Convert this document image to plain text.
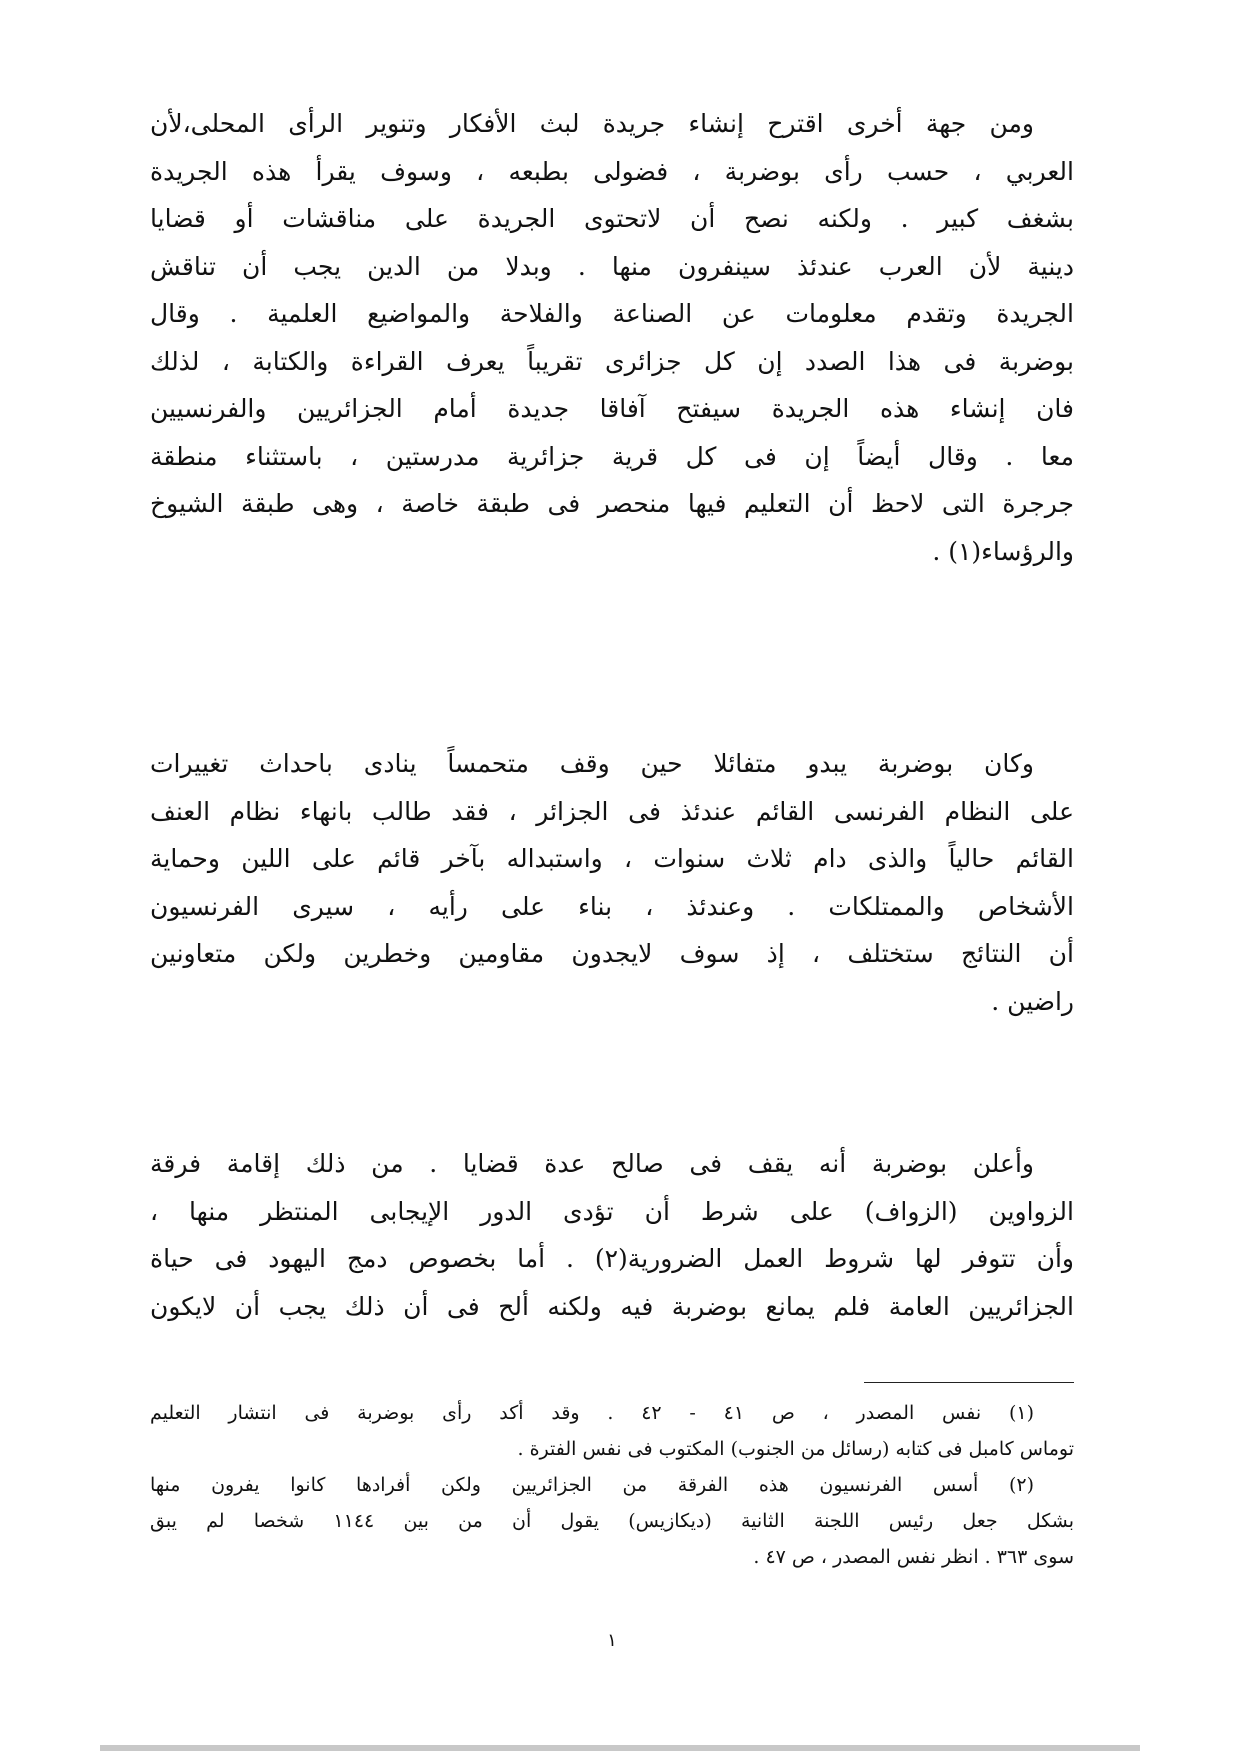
ومن جهة أخرى اقترح إنشاء جريدة لبث الأفكار وتنوير الرأى المحلى،لأن
العربي ، حسب رأى بوضربة ، فضولى بطبعه ، وسوف يقرأ هذه الجريدة
بشغف كبير . ولكنه نصح أن لاتحتوى الجريدة على مناقشات أو قضايا
دينية لأن العرب عندئذ سينفرون منها . وبدلا من الدين يجب أن تناقش
الجريدة وتقدم معلومات عن الصناعة والفلاحة والمواضيع العلمية . وقال
بوضربة فى هذا الصدد إن كل جزائرى تقريباً يعرف القراءة والكتابة ، لذلك
فان إنشاء هذه الجريدة سيفتح آفاقا جديدة أمام الجزائريين والفرنسيين
معا . وقال أيضاً إن فى كل قرية جزائرية مدرستين ، باستثناء منطقة
جرجرة التى لاحظ أن التعليم فيها منحصر فى طبقة خاصة ، وهى طبقة الشيوخ
والرؤساء(١) .
وكان بوضربة يبدو متفائلا حين وقف متحمساً ينادى باحداث تغييرات
على النظام الفرنسى القائم عندئذ فى الجزائر ، فقد طالب بانهاء نظام العنف
القائم حالياً والذى دام ثلاث سنوات ، واستبداله بآخر قائم على اللين وحماية
الأشخاص والممتلكات . وعندئذ ، بناء على رأيه ، سيرى الفرنسيون
أن النتائج ستختلف ، إذ سوف لايجدون مقاومين وخطرين ولكن متعاونين
راضين .
وأعلن بوضربة أنه يقف فى صالح عدة قضايا . من ذلك إقامة فرقة
الزواوين (الزواف) على شرط أن تؤدى الدور الإيجابى المنتظر منها ،
وأن تتوفر لها شروط العمل الضرورية(٢) . أما بخصوص دمج اليهود فى حياة
الجزائريين العامة فلم يمانع بوضربة فيه ولكنه ألح فى أن ذلك يجب أن لايكون
(١) نفس المصدر ، ص ٤١ - ٤٢ . وقد أكد رأى بوضربة فى انتشار التعليم
توماس كامبل فى كتابه (رسائل من الجنوب) المكتوب فى نفس الفترة .
(٢) أسس الفرنسيون هذه الفرقة من الجزائريين ولكن أفرادها كانوا يفرون منها
بشكل جعل رئيس اللجنة الثانية (ديكازيس) يقول أن من بين ١١٤٤ شخصا لم يبق
سوى ٣٦٣ . انظر نفس المصدر ، ص ٤٧ .
١
